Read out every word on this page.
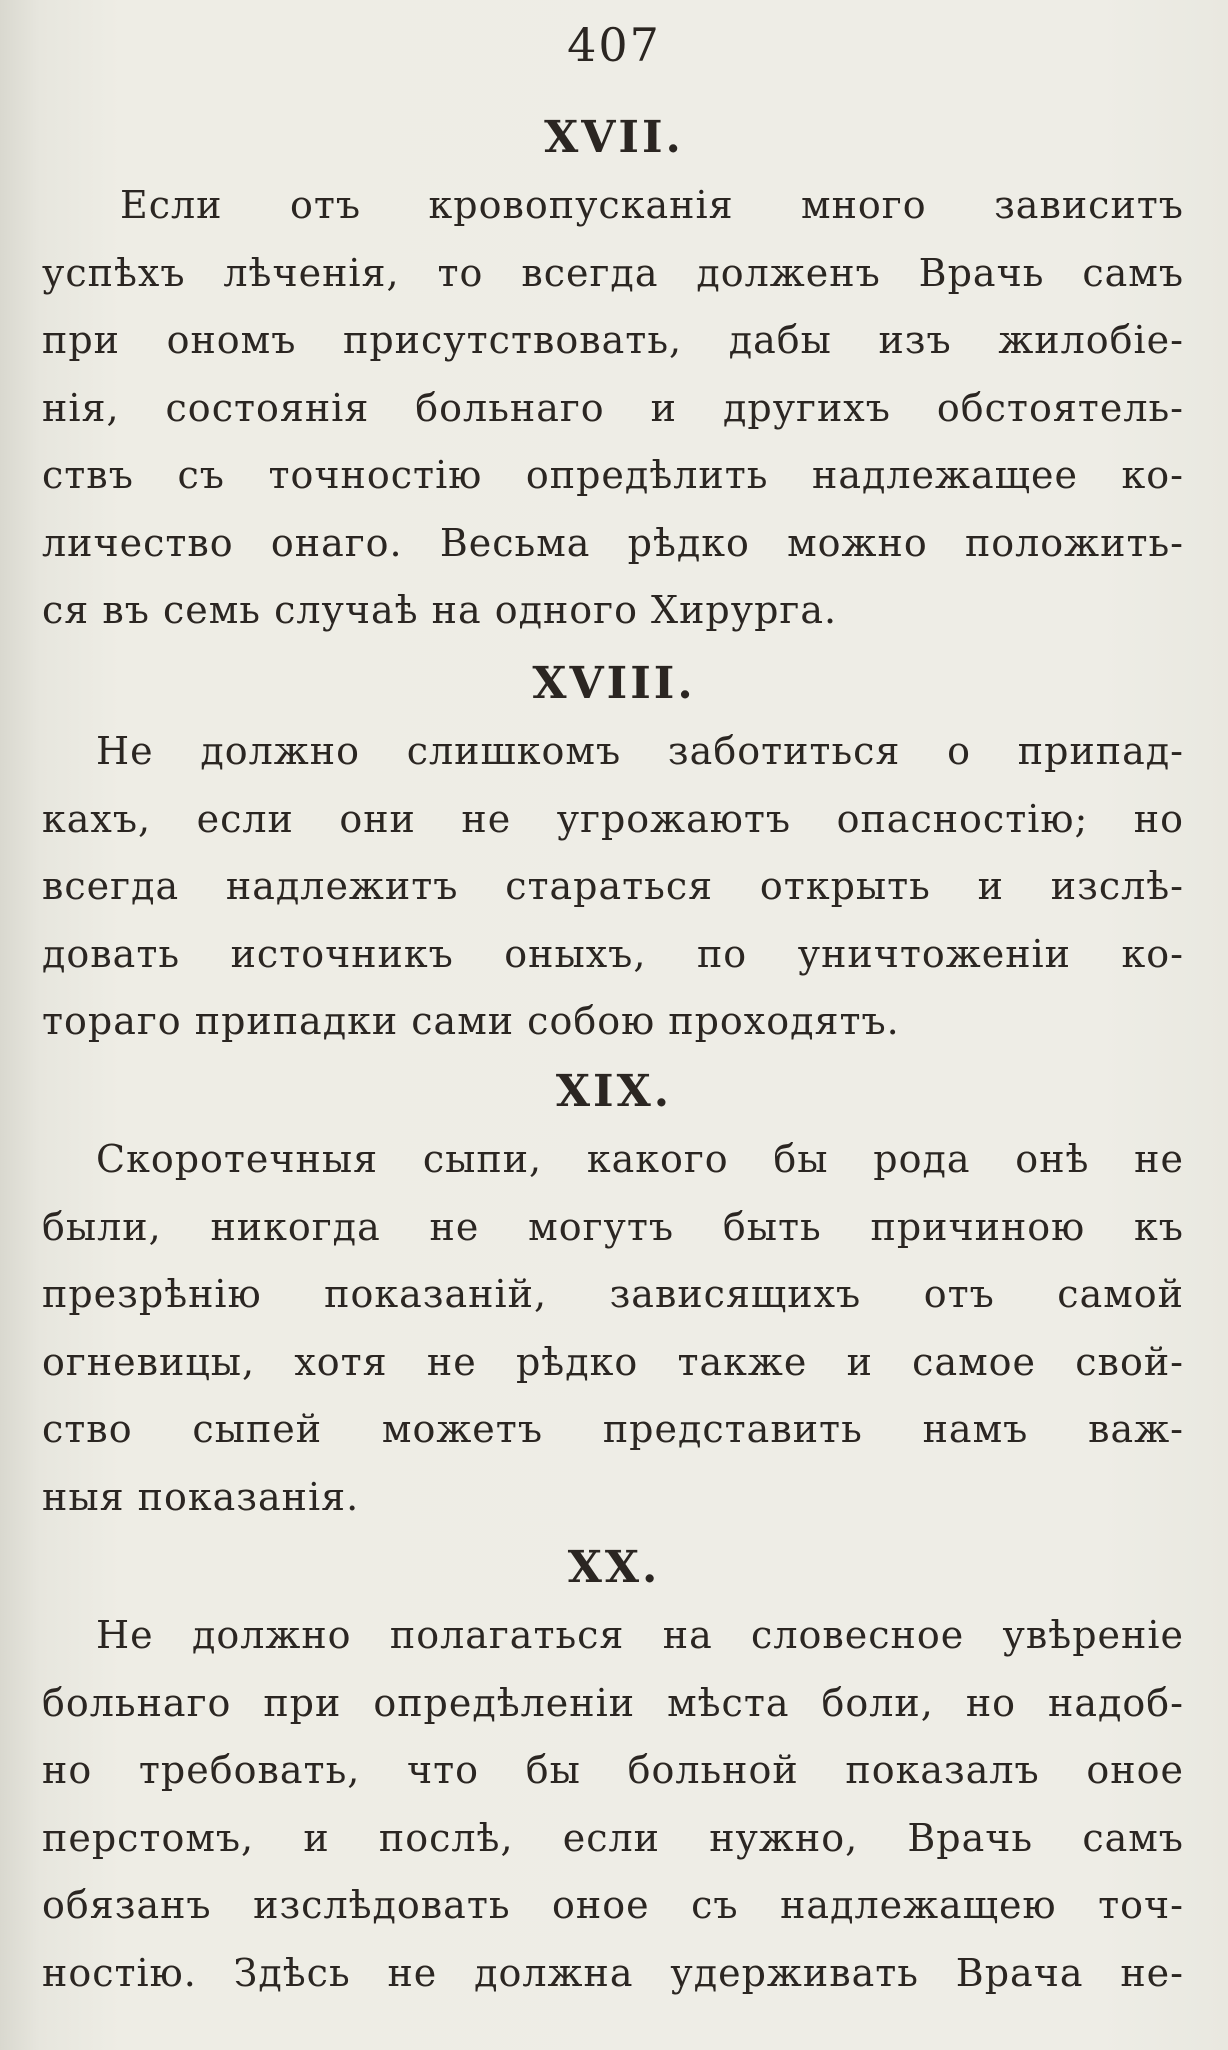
407
XVII.

Если отъ кровопусканія много зависитъ

успѣхъ лѣченія, то всегда долженъ Врачь самъ

при ономъ присутствовать, дабы изъ жилобіе-

нія, состоянія больнаго и другихъ обстоятель-

ствъ съ точностію опредѣлить надлежащее ко-

личество онаго. Весьма рѣдко можно положить-

ся въ семь случаѣ на одного Хирурга.

XVIII.

Не должно слишкомъ заботиться о припад-

кахъ, если они не угрожаютъ опасностію; но

всегда надлежитъ стараться открыть и изслѣ-

довать источникъ оныхъ, по уничтоженіи ко-

тораго припадки сами собою проходятъ.

XIX.

Скоротечныя сыпи, какого бы рода онѣ не

были, никогда не могутъ быть причиною къ

презрѣнію показаній, зависящихъ отъ самой

огневицы, хотя не рѣдко также и самое свой-

ство сыпей можетъ представить намъ важ-

ныя показанія.

XX.

Не должно полагаться на словесное увѣреніе

больнаго при опредѣленіи мѣста боли, но надоб-

но требовать, что бы больной показалъ оное

перстомъ, и послѣ, если нужно, Врачь самъ

обязанъ изслѣдовать оное съ надлежащею точ-

ностію. Здѣсь не должна удерживать Врача не-
